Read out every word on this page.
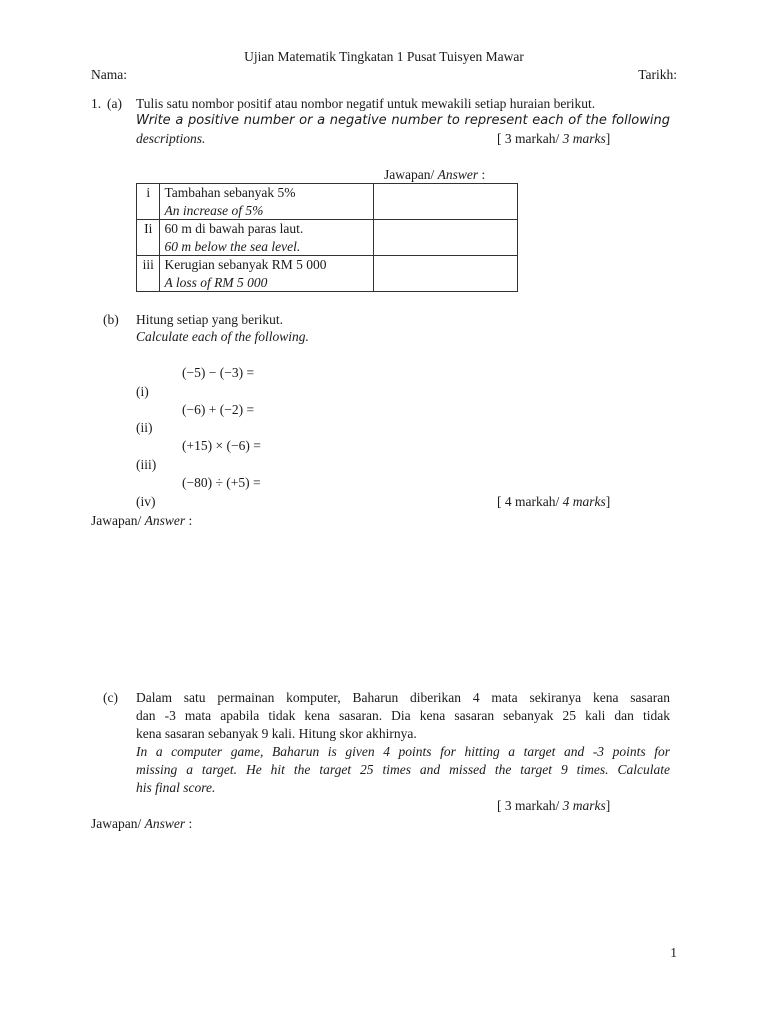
Ujian Matematik Tingkatan 1 Pusat Tuisyen Mawar
Nama:	Tarikh:
1. (a) Tulis satu nombor positif atau nombor negatif untuk mewakili setiap huraian berikut.
Write a positive number or a negative number to represent each of the following
descriptions.	[ 3 markah/ 3 marks]
Jawapan/ Answer :
i	Tambahan sebanyak 5%
An increase of 5%	

Ii	60 m di bawah paras laut.
60 m below the sea level.	

iii	Kerugian sebanyak RM 5 000
A loss of RM 5 000	

(b) Hitung setiap yang berikut.
Calculate each of the following.
(−5) − (−3) =
(i)
(−6) + (−2) =
(ii)
(+15) × (−6) =
(iii)
(−80) ÷ (+5) =
(iv)	[ 4 markah/ 4 marks]
Jawapan/ Answer :
(c) Dalam satu permainan komputer, Baharun diberikan 4 mata sekiranya kena sasaran
dan -3 mata apabila tidak kena sasaran. Dia kena sasaran sebanyak 25 kali dan tidak
kena sasaran sebanyak 9 kali. Hitung skor akhirnya.
In a computer game, Baharun is given 4 points for hitting a target and -3 points for
missing a target. He hit the target 25 times and missed the target 9 times. Calculate
his final score.
[ 3 markah/ 3 marks]
Jawapan/ Answer :
1
